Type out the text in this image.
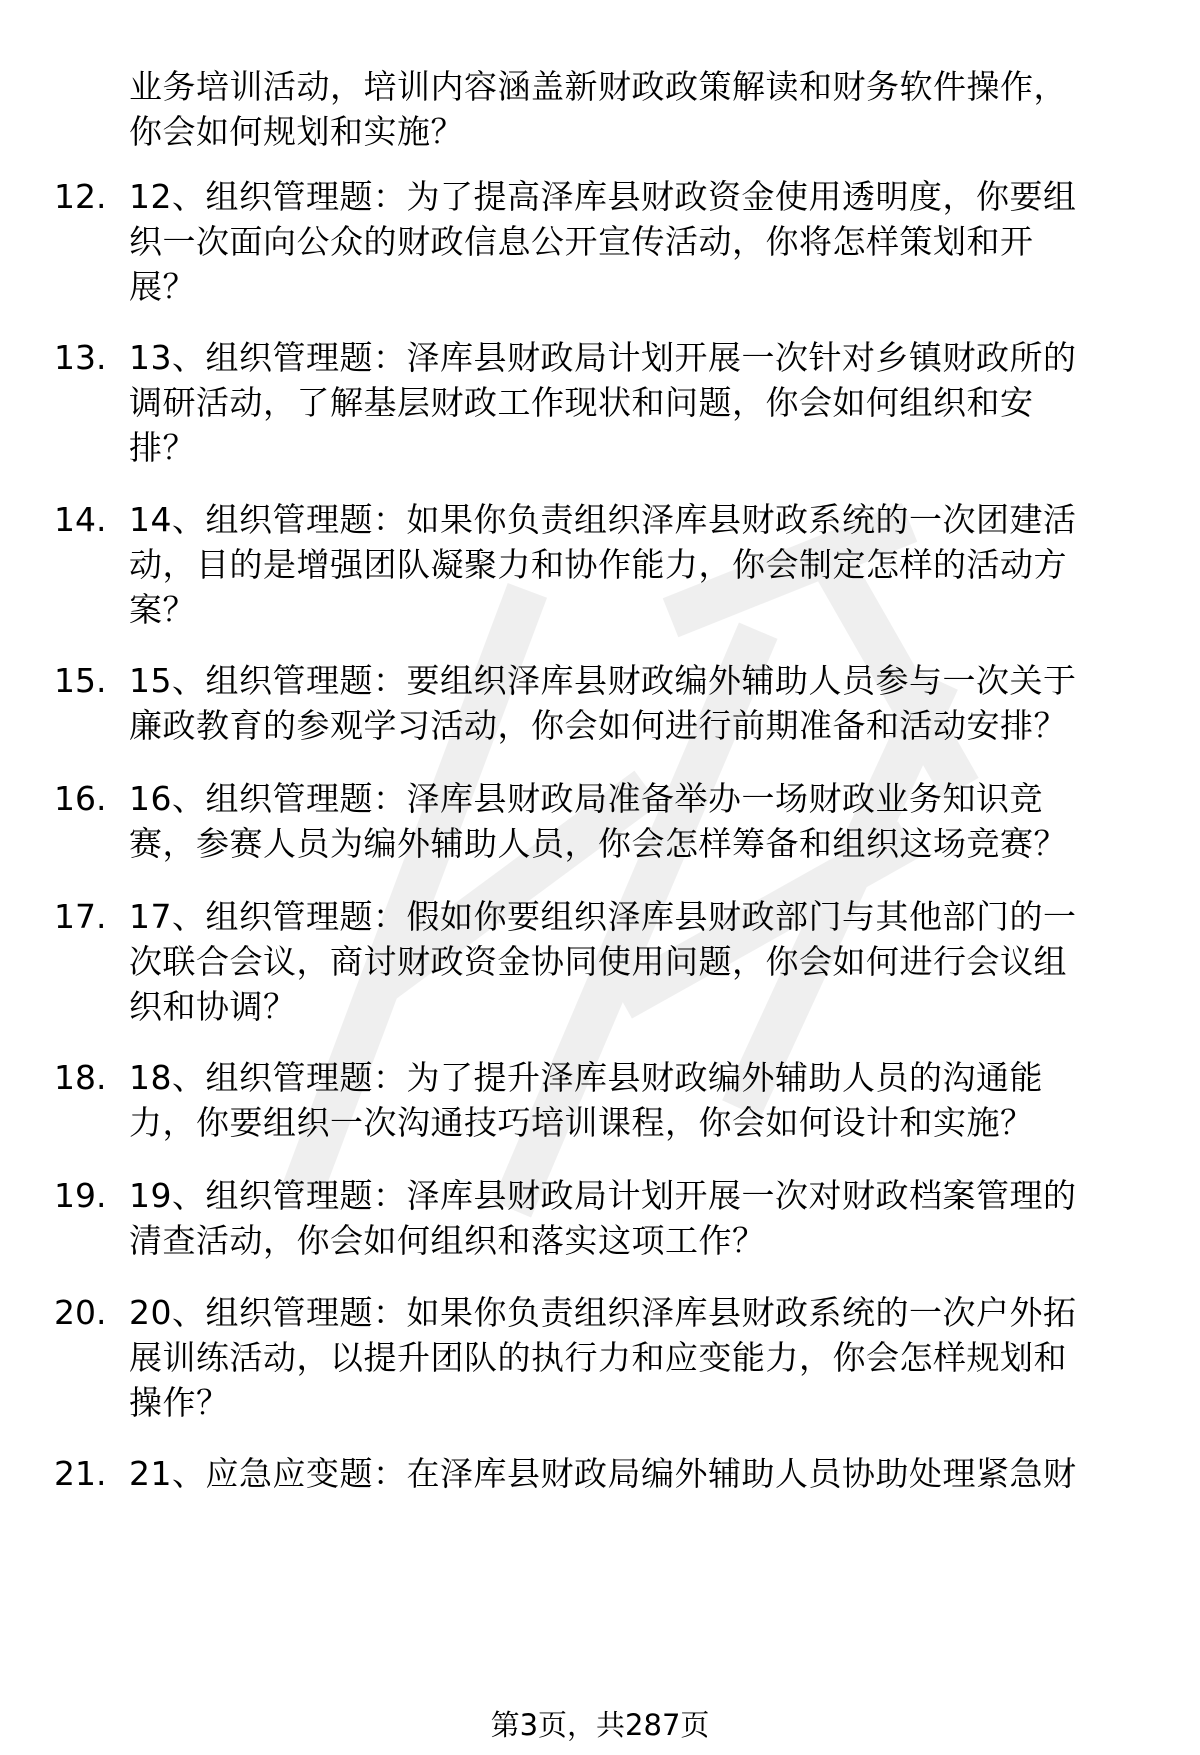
业务培训活动，培训内容涵盖新财政政策解读和财务软件操作，
你会如何规划和实施？
12. 12、组织管理题：为了提高泽库县财政资金使用透明度，你要组
织一次面向公众的财政信息公开宣传活动，你将怎样策划和开
展？
13. 13、组织管理题：泽库县财政局计划开展一次针对乡镇财政所的
调研活动，了解基层财政工作现状和问题，你会如何组织和安
排？
14. 14、组织管理题：如果你负责组织泽库县财政系统的一次团建活
动，目的是增强团队凝聚力和协作能力，你会制定怎样的活动方
案？
15. 15、组织管理题：要组织泽库县财政编外辅助人员参与一次关于
廉政教育的参观学习活动，你会如何进行前期准备和活动安排？
16. 16、组织管理题：泽库县财政局准备举办一场财政业务知识竞
赛，参赛人员为编外辅助人员，你会怎样筹备和组织这场竞赛？
17. 17、组织管理题：假如你要组织泽库县财政部门与其他部门的一
次联合会议，商讨财政资金协同使用问题，你会如何进行会议组
织和协调？
18. 18、组织管理题：为了提升泽库县财政编外辅助人员的沟通能
力，你要组织一次沟通技巧培训课程，你会如何设计和实施？
19. 19、组织管理题：泽库县财政局计划开展一次对财政档案管理的
清查活动，你会如何组织和落实这项工作？
20. 20、组织管理题：如果你负责组织泽库县财政系统的一次户外拓
展训练活动，以提升团队的执行力和应变能力，你会怎样规划和
操作？
21. 21、应急应变题：在泽库县财政局编外辅助人员协助处理紧急财
第3页，共287页
